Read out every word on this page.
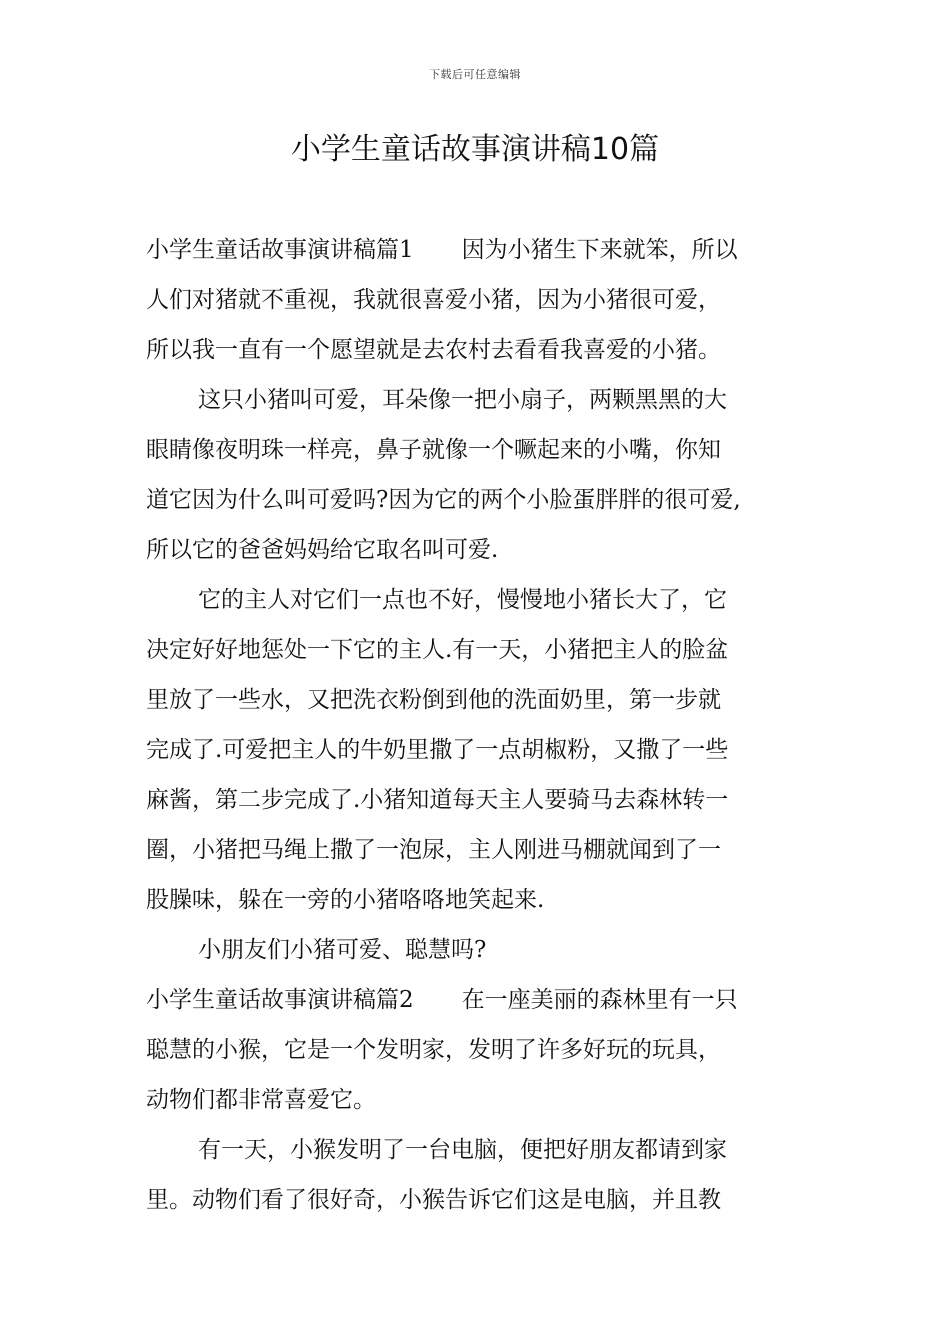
下载后可任意编辑
小学生童话故事演讲稿10篇
小学生童话故事演讲稿篇1 因为小猪生下来就笨，所以
人们对猪就不重视，我就很喜爱小猪，因为小猪很可爱，
所以我一直有一个愿望就是去农村去看看我喜爱的小猪。
这只小猪叫可爱，耳朵像一把小扇子，两颗黑黑的大
眼睛像夜明珠一样亮，鼻子就像一个噘起来的小嘴，你知
道它因为什么叫可爱吗?因为它的两个小脸蛋胖胖的很可爱,
所以它的爸爸妈妈给它取名叫可爱.
它的主人对它们一点也不好，慢慢地小猪长大了，它
决定好好地惩处一下它的主人.有一天，小猪把主人的脸盆
里放了一些水，又把洗衣粉倒到他的洗面奶里，第一步就
完成了.可爱把主人的牛奶里撒了一点胡椒粉，又撒了一些
麻酱，第二步完成了.小猪知道每天主人要骑马去森林转一
圈，小猪把马绳上撒了一泡尿，主人刚进马棚就闻到了一
股臊味，躲在一旁的小猪咯咯地笑起来.
小朋友们小猪可爱、聪慧吗?
小学生童话故事演讲稿篇2 在一座美丽的森林里有一只
聪慧的小猴，它是一个发明家，发明了许多好玩的玩具，
动物们都非常喜爱它。
有一天，小猴发明了一台电脑，便把好朋友都请到家
里。动物们看了很好奇，小猴告诉它们这是电脑，并且教
